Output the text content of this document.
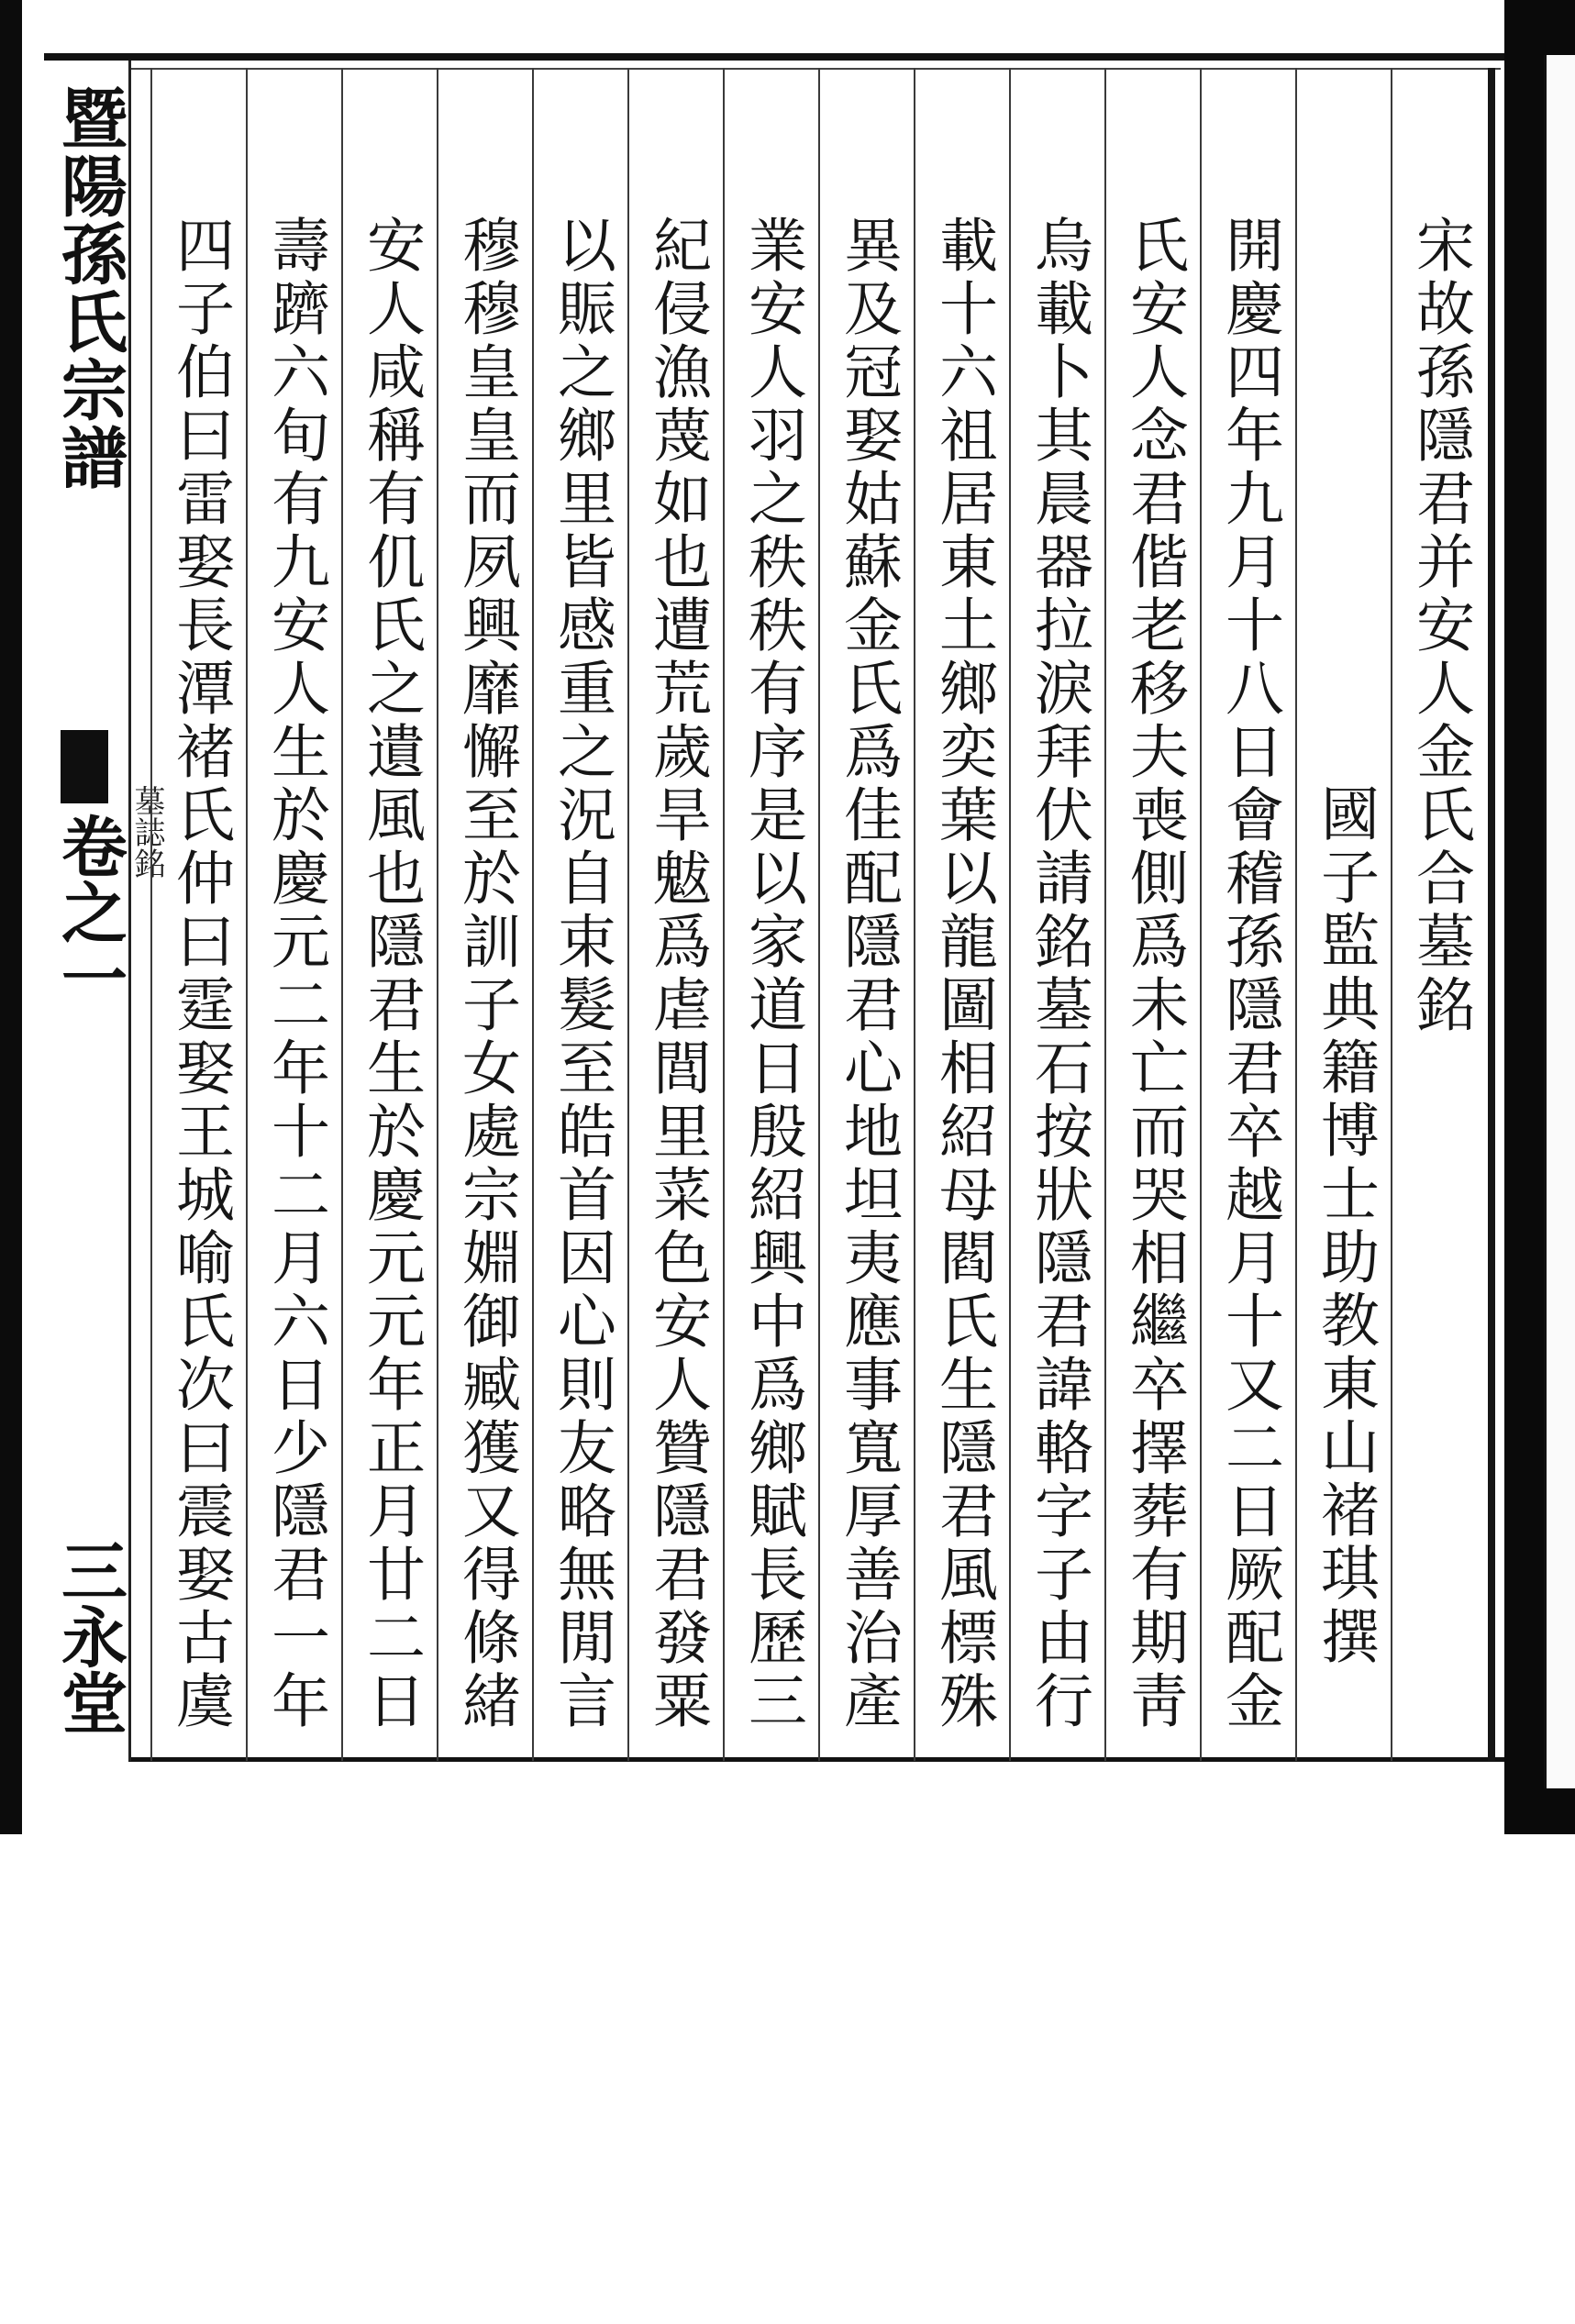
暨陽孫氏宗譜
卷之一 墓誌銘
三永堂
宋故孫隱君并安人金氏合墓銘
國子監典籍博士助教東山褚琪撰
開慶四年九月十八日會稽孫隱君卒越月十又二日厥配金
氏安人念君偕老移夫喪側爲未亡而哭相繼卒擇葬有期靑
烏載卜其晨器拉淚拜伏請銘墓石按狀隱君諱輅字子由行
載十六祖居東土鄉奕葉以龍圖相紹母閻氏生隱君風標殊
異及冠娶姑蘇金氏爲佳配隱君心地坦夷應事寬厚善治產
業安人羽之秩秩有序是以家道日殷紹興中爲鄉賦長歷三
紀侵漁蔑如也遭荒歲旱魃爲虐閭里菜色安人贊隱君發粟
以賑之鄉里皆感重之況自束髮至皓首因心則友略無閒言
穆穆皇皇而夙興靡懈至於訓子女處宗婣御臧獲又得條緒
安人咸稱有仉氏之遺風也隱君生於慶元元年正月廿二日
壽躋六旬有九安人生於慶元二年十二月六日少隱君一年
四子伯曰雷娶長潭褚氏仲曰霆娶王城喻氏次曰震娶古虞
